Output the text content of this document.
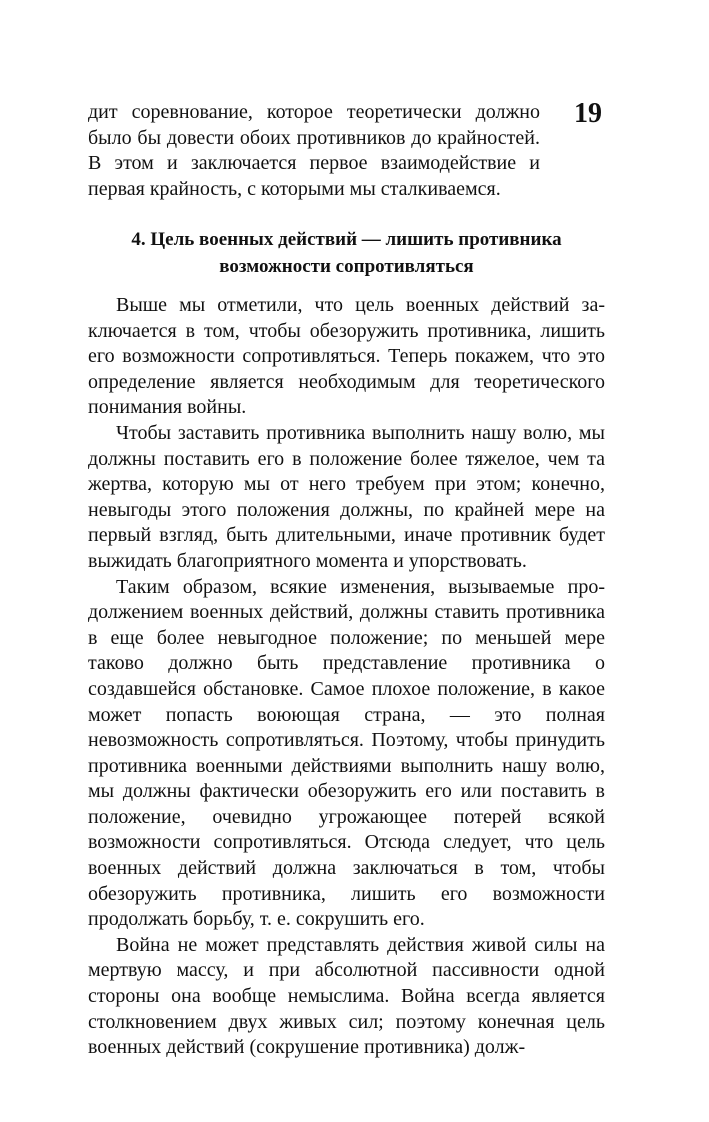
19
дит соревнование, которое теоретически должно было бы довести обоих противников до крайностей. В этом и заключается первое взаимодействие и первая крайность, с которыми мы сталкиваемся.
4. Цель военных действий — лишить противника
возможности сопротивляться

Выше мы отметили, что цель военных действий заключается в том, чтобы обезоружить противника, лишить его возможности сопротивляться. Теперь покажем, что это определение является необходимым для теоретического понимания войны.

Чтобы заставить противника выполнить нашу волю, мы должны поставить его в положение более тяжелое, чем та жертва, которую мы от него требуем при этом; конечно, невыгоды этого положения должны, по крайней мере на первый взгляд, быть длительными, иначе противник будет выжидать благоприятного момента и упорствовать.

Таким образом, всякие изменения, вызываемые продолжением военных действий, должны ставить противника в еще более невыгодное положение; по меньшей мере таково должно быть представление противника о создавшейся обстановке. Самое плохое положение, в какое может попасть воюющая страна, — это полная невозможность сопротивляться. Поэтому, чтобы принудить противника военными действиями выполнить нашу волю, мы должны фактически обезоружить его или поставить в положение, очевидно угрожающее потерей всякой возможности сопротивляться. Отсюда следует, что цель военных действий должна заключаться в том, чтобы обезоружить противника, лишить его возможности продолжать борьбу, т. е. сокрушить его.

Война не может представлять действия живой силы на мертвую массу, и при абсолютной пассивности одной стороны она вообще немыслима. Война всегда является столкновением двух живых сил; поэтому конечная цель военных действий (сокрушение противника) долж-
